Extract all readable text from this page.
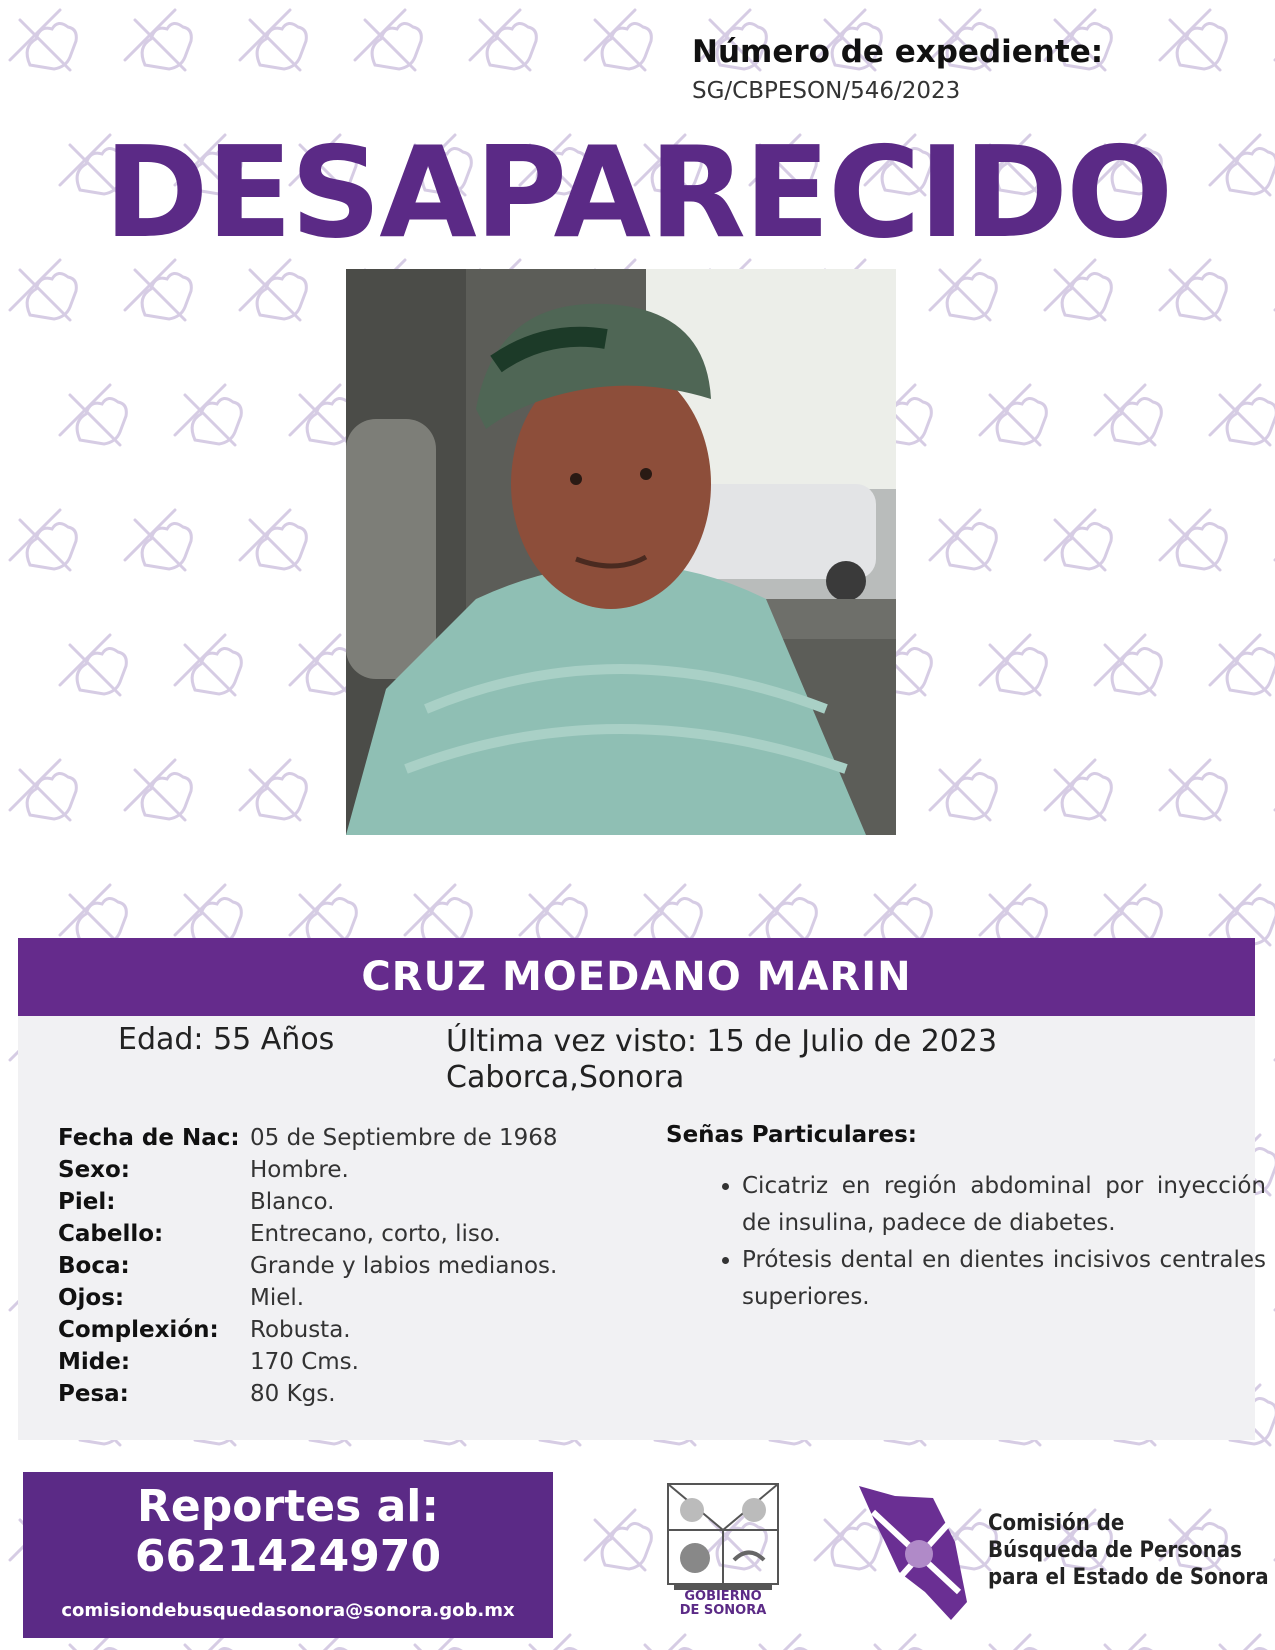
Número de expediente:
SG/CBPESON/546/2023
DESAPARECIDO
CRUZ MOEDANO MARIN
Edad: 55 Años	Última vez visto: 15 de Julio de 2023
Caborca,Sonora
Fecha de Nac: 05 de Septiembre de 1968
Sexo:	Hombre.
Piel:	Blanco.
Cabello:	Entrecano, corto, liso.
Boca:	Grande y labios medianos.
Ojos:	Miel.
Complexión:	Robusta.
Mide:	170 Cms.
Pesa:	80 Kgs.
Señas Particulares:
• Cicatriz en región abdominal por inyección de insulina, padece de diabetes.
• Prótesis dental en dientes incisivos centrales superiores.
Reportes al:
6621424970
comisiondebusquedasonora@sonora.gob.mx
GOBIERNO
DE SONORA
Comisión de
Búsqueda de Personas
para el Estado de Sonora
